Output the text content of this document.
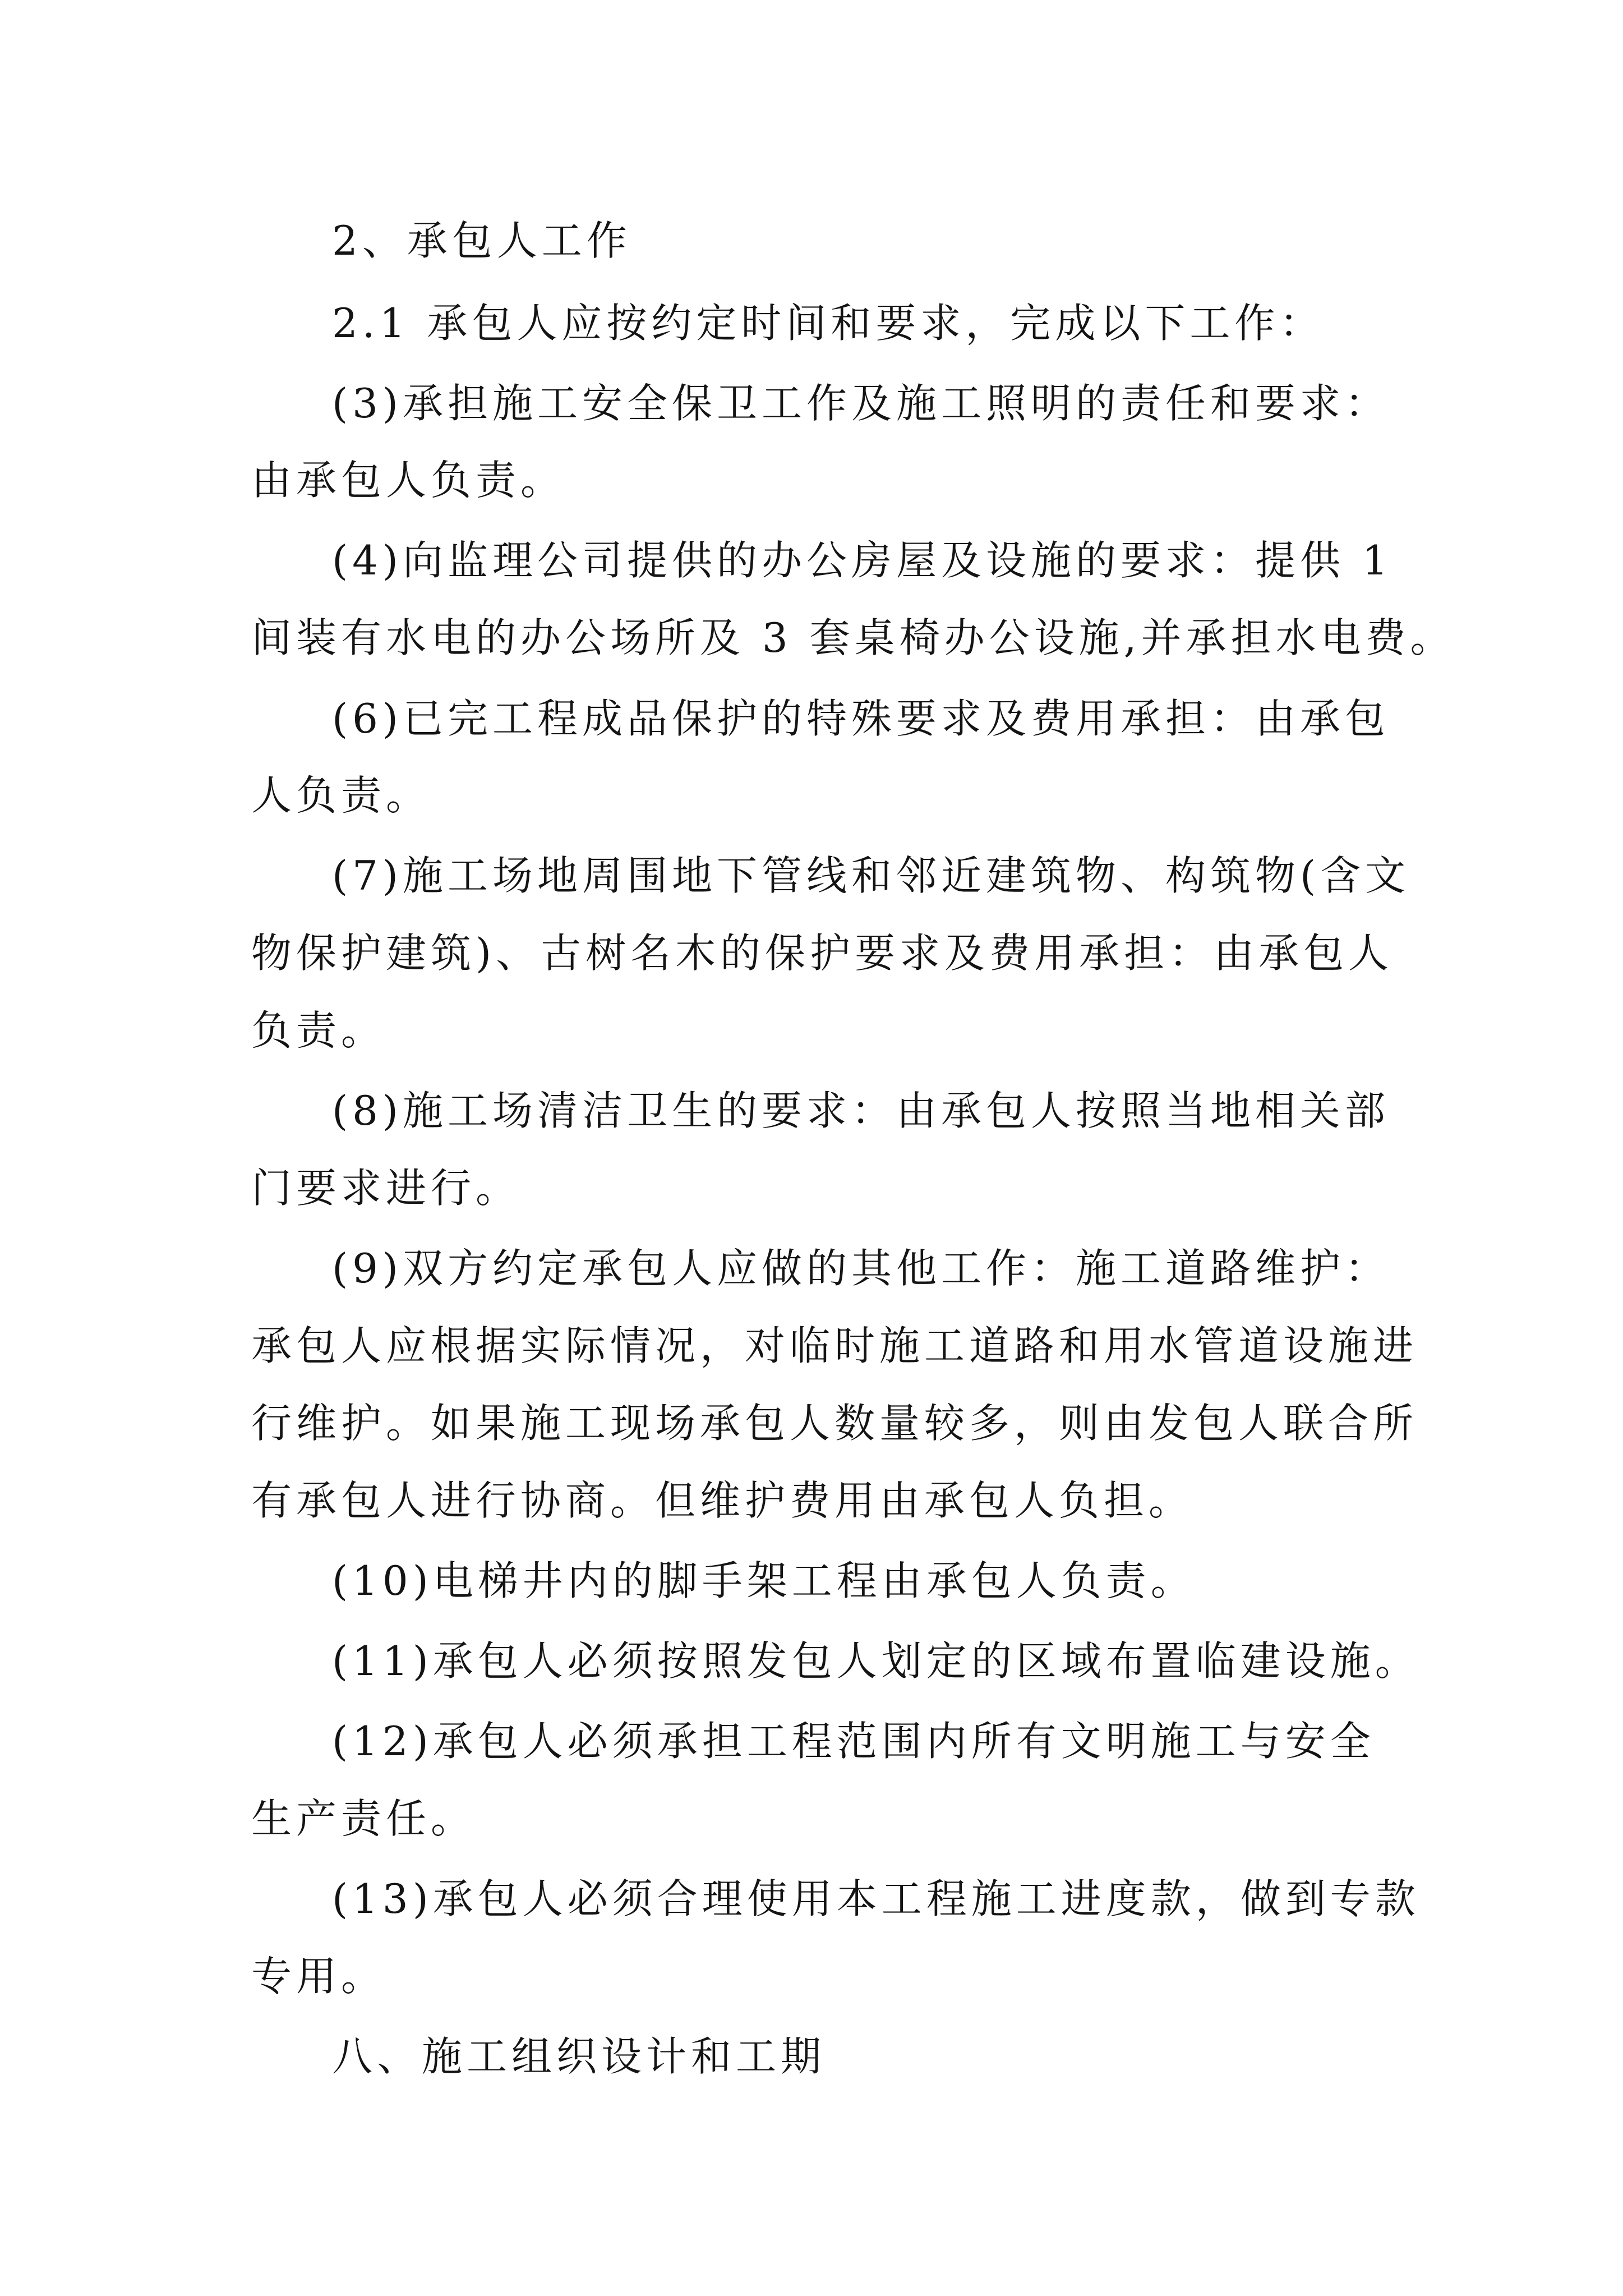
2、承包人工作
2.1 承包人应按约定时间和要求，完成以下工作：
(3)承担施工安全保卫工作及施工照明的责任和要求：
由承包人负责。
(4)向监理公司提供的办公房屋及设施的要求：提供 1
间装有水电的办公场所及 3 套桌椅办公设施,并承担水电费。
(6)已完工程成品保护的特殊要求及费用承担：由承包
人负责。
(7)施工场地周围地下管线和邻近建筑物、构筑物(含文
物保护建筑)、古树名木的保护要求及费用承担：由承包人
负责。
(8)施工场清洁卫生的要求：由承包人按照当地相关部
门要求进行。
(9)双方约定承包人应做的其他工作：施工道路维护：
承包人应根据实际情况，对临时施工道路和用水管道设施进
行维护。如果施工现场承包人数量较多，则由发包人联合所
有承包人进行协商。但维护费用由承包人负担。
(10)电梯井内的脚手架工程由承包人负责。
(11)承包人必须按照发包人划定的区域布置临建设施。
(12)承包人必须承担工程范围内所有文明施工与安全
生产责任。
(13)承包人必须合理使用本工程施工进度款，做到专款
专用。
八、施工组织设计和工期
